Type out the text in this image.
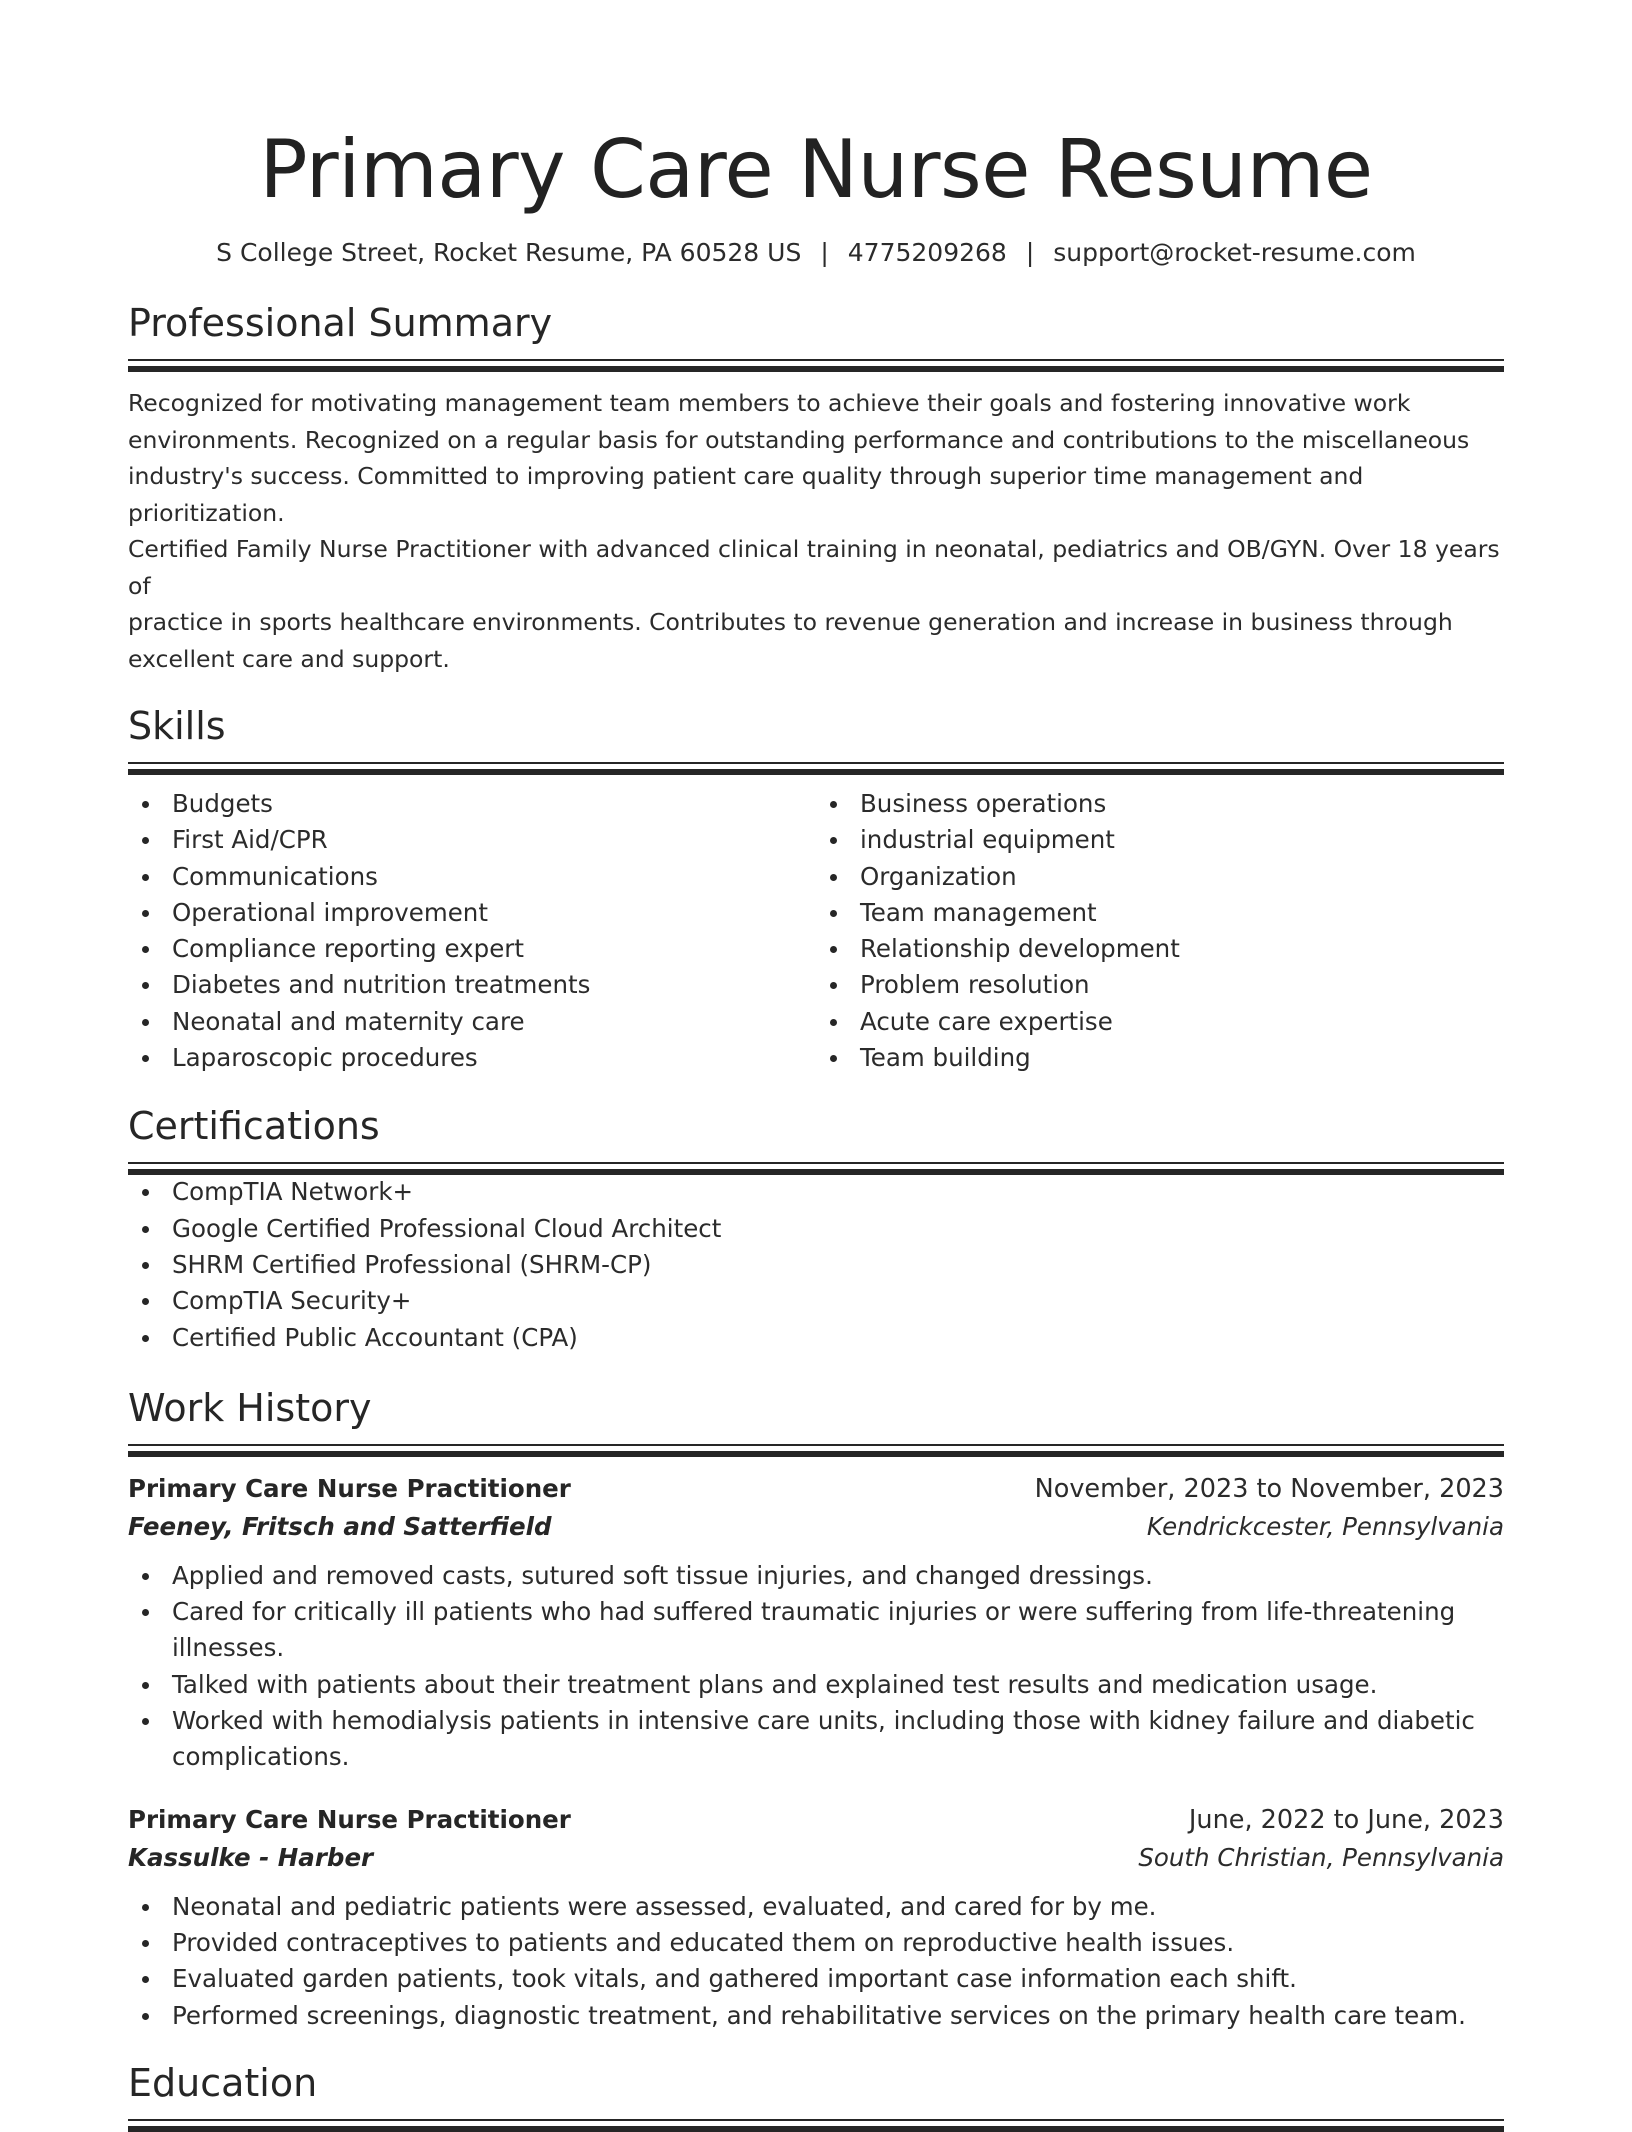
Primary Care Nurse Resume
S College Street, Rocket Resume, PA 60528 US | 4775209268 | support@rocket-resume.com
Professional Summary
Recognized for motivating management team members to achieve their goals and fostering innovative work
environments. Recognized on a regular basis for outstanding performance and contributions to the miscellaneous
industry's success. Committed to improving patient care quality through superior time management and prioritization.
Certified Family Nurse Practitioner with advanced clinical training in neonatal, pediatrics and OB/GYN. Over 18 years of
practice in sports healthcare environments. Contributes to revenue generation and increase in business through
excellent care and support.
Skills
Budgets
First Aid/CPR
Communications
Operational improvement
Compliance reporting expert
Diabetes and nutrition treatments
Neonatal and maternity care
Laparoscopic procedures
Business operations
industrial equipment
Organization
Team management
Relationship development
Problem resolution
Acute care expertise
Team building
Certifications
CompTIA Network+
Google Certified Professional Cloud Architect
SHRM Certified Professional (SHRM-CP)
CompTIA Security+
Certified Public Accountant (CPA)
Work History
Primary Care Nurse Practitioner	November, 2023 to November, 2023
Feeney, Fritsch and Satterfield	Kendrickcester, Pennsylvania
Applied and removed casts, sutured soft tissue injuries, and changed dressings.
Cared for critically ill patients who had suffered traumatic injuries or were suffering from life-threatening illnesses.
Talked with patients about their treatment plans and explained test results and medication usage.
Worked with hemodialysis patients in intensive care units, including those with kidney failure and diabetic complications.
Primary Care Nurse Practitioner	June, 2022 to June, 2023
Kassulke - Harber	South Christian, Pennsylvania
Neonatal and pediatric patients were assessed, evaluated, and cared for by me.
Provided contraceptives to patients and educated them on reproductive health issues.
Evaluated garden patients, took vitals, and gathered important case information each shift.
Performed screenings, diagnostic treatment, and rehabilitative services on the primary health care team.
Education
